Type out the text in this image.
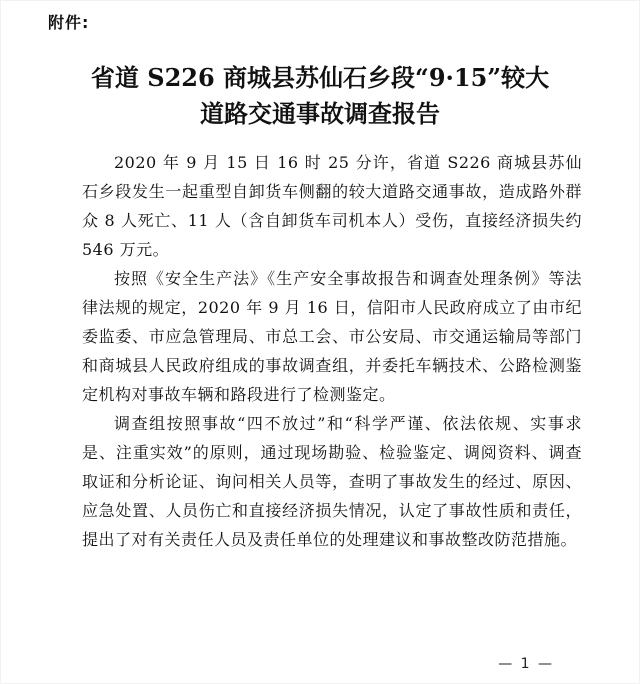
附件:
省道 S226 商城县苏仙石乡段“9·15”较大道路交通事故调查报告

2020 年 9 月 15 日 16 时 25 分许，省道 S226 商城县苏仙石乡段发生一起重型自卸货车侧翻的较大道路交通事故，造成路外群众 8 人死亡、11 人（含自卸货车司机本人）受伤，直接经济损失约 546 万元。

按照《安全生产法》《生产安全事故报告和调查处理条例》等法律法规的规定，2020 年 9 月 16 日，信阳市人民政府成立了由市纪委监委、市应急管理局、市总工会、市公安局、市交通运输局等部门和商城县人民政府组成的事故调查组，并委托车辆技术、公路检测鉴定机构对事故车辆和路段进行了检测鉴定。

调查组按照事故“四不放过”和“科学严谨、依法依规、实事求是、注重实效”的原则，通过现场勘验、检验鉴定、调阅资料、调查取证和分析论证、询问相关人员等，查明了事故发生的经过、原因、应急处置、人员伤亡和直接经济损失情况，认定了事故性质和责任，提出了对有关责任人员及责任单位的处理建议和事故整改防范措施。

— 1 —
